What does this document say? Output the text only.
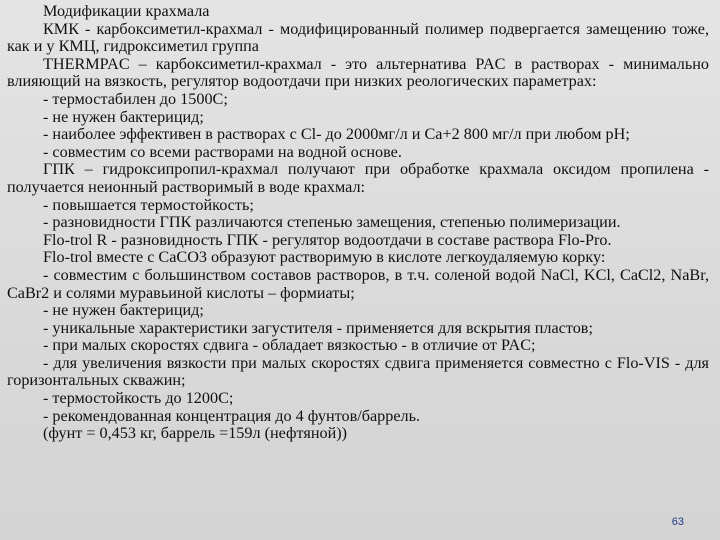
Модификации крахмала

КМК - карбоксиметил-крахмал - модифицированный полимер подвергается замещению тоже, как и у КМЦ, гидроксиметил группа

THERMPAC – карбоксиметил-крахмал - это альтернатива PAC в растворах - минимально влияющий на вязкость, регулятор водоотдачи при низких реологических параметрах:

- термостабилен до 1500С;

- не нужен бактерицид;

- наиболее эффективен в растворах с Cl- до 2000мг/л и Ca+2 800 мг/л при любом pH;

- совместим со всеми растворами на водной основе.

ГПК – гидроксипропил-крахмал получают при обработке крахмала оксидом пропилена - получается неионный растворимый в воде крахмал:

- повышается термостойкость;

- разновидности ГПК различаются степенью замещения, степенью полимеризации.

Flo-trol R - разновидность ГПК - регулятор водоотдачи в составе раствора Flo-Pro.

Flo-trol вместе с CaCO3 образуют растворимую в кислоте легкоудаляемую корку:

- совместим с большинством составов растворов, в т.ч. соленой водой NaCl, KCl, CaCl2, NaBr, CaBr2 и солями муравьиной кислоты – формиаты;

- не нужен бактерицид;

- уникальные характеристики загустителя - применяется для вскрытия пластов;

- при малых скоростях сдвига - обладает вязкостью - в отличие от PAC;

- для увеличения вязкости при малых скоростях сдвига применяется совместно с Flo-VIS - для горизонтальных скважин;

- термостойкость до 1200С;

- рекомендованная концентрация до 4 фунтов/баррель.

(фунт = 0,453 кг, баррель =159л (нефтяной))

63
